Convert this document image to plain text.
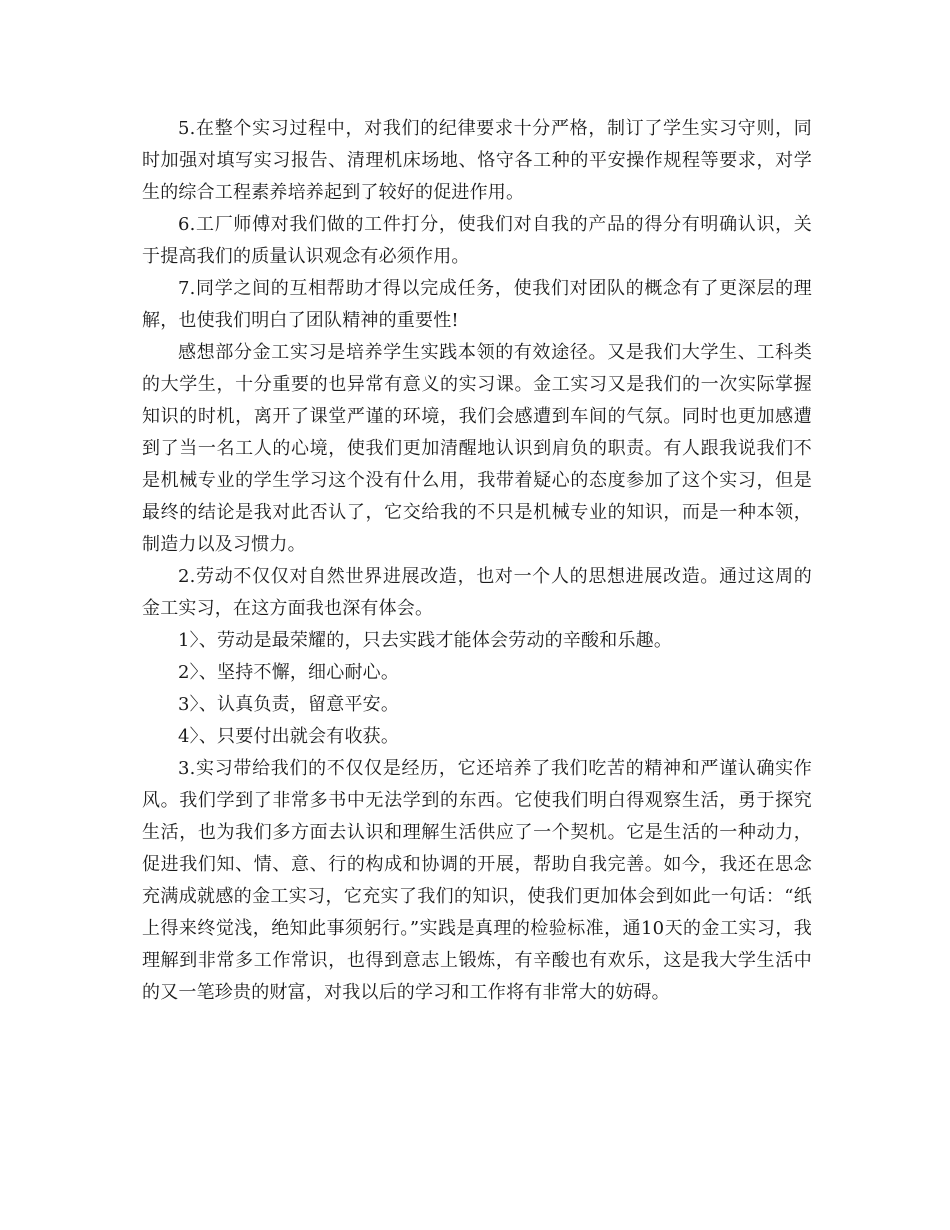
5.在整个实习过程中，对我们的纪律要求十分严格，制订了学生实习守则，同时加强对填写实习报告、清理机床场地、恪守各工种的平安操作规程等要求，对学生的综合工程素养培养起到了较好的促进作用。

6.工厂师傅对我们做的工件打分，使我们对自我的产品的得分有明确认识，关于提高我们的质量认识观念有必须作用。

7.同学之间的互相帮助才得以完成任务，使我们对团队的概念有了更深层的理解，也使我们明白了团队精神的重要性!

感想部分金工实习是培养学生实践本领的有效途径。又是我们大学生、工科类的大学生，十分重要的也异常有意义的实习课。金工实习又是我们的一次实际掌握知识的时机，离开了课堂严谨的环境，我们会感遭到车间的气氛。同时也更加感遭到了当一名工人的心境，使我们更加清醒地认识到肩负的职责。有人跟我说我们不是机械专业的学生学习这个没有什么用，我带着疑心的态度参加了这个实习，但是最终的结论是我对此否认了，它交给我的不只是机械专业的知识，而是一种本领，制造力以及习惯力。

2.劳动不仅仅对自然世界进展改造，也对一个人的思想进展改造。通过这周的金工实习，在这方面我也深有体会。

1〉、劳动是最荣耀的，只去实践才能体会劳动的辛酸和乐趣。

2〉、坚持不懈，细心耐心。

3〉、认真负责，留意平安。

4〉、只要付出就会有收获。

3.实习带给我们的不仅仅是经历，它还培养了我们吃苦的精神和严谨认确实作风。我们学到了非常多书中无法学到的东西。它使我们明白得观察生活，勇于探究生活，也为我们多方面去认识和理解生活供应了一个契机。它是生活的一种动力，促进我们知、情、意、行的构成和协调的开展，帮助自我完善。如今，我还在思念充满成就感的金工实习，它充实了我们的知识，使我们更加体会到如此一句话：“纸上得来终觉浅，绝知此事须躬行。”实践是真理的检验标准，通10天的金工实习，我理解到非常多工作常识，也得到意志上锻炼，有辛酸也有欢乐，这是我大学生活中的又一笔珍贵的财富，对我以后的学习和工作将有非常大的妨碍。
